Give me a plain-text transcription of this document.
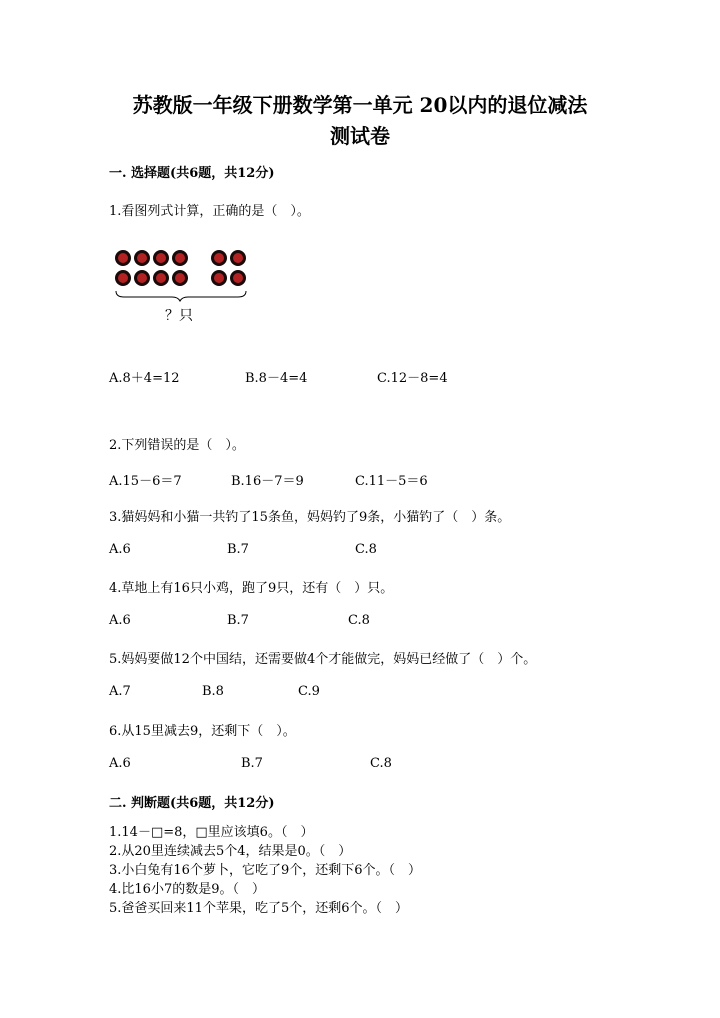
苏教版一年级下册数学第一单元 20以内的退位减法
测试卷
一. 选择题(共6题，共12分)
1.看图列式计算，正确的是（　）。
？只
A.8＋4=12	B.8－4=4	C.12－8=4
2.下列错误的是（　）。
A.15－6＝7	B.16－7＝9	C.11－5＝6
3.猫妈妈和小猫一共钓了15条鱼，妈妈钓了9条，小猫钓了（　）条。
A.6	B.7	C.8
4.草地上有16只小鸡，跑了9只，还有（　）只。
A.6	B.7	C.8
5.妈妈要做12个中国结，还需要做4个才能做完，妈妈已经做了（　）个。
A.7	B.8	C.9
6.从15里减去9，还剩下（　）。
A.6	B.7	C.8
二. 判断题(共6题，共12分)
1.14－□=8，□里应该填6。（　）
2.从20里连续减去5个4，结果是0。（　）
3.小白兔有16个萝卜，它吃了9个，还剩下6个。（　）
4.比16小7的数是9。（　）
5.爸爸买回来11个苹果，吃了5个，还剩6个。（　）
